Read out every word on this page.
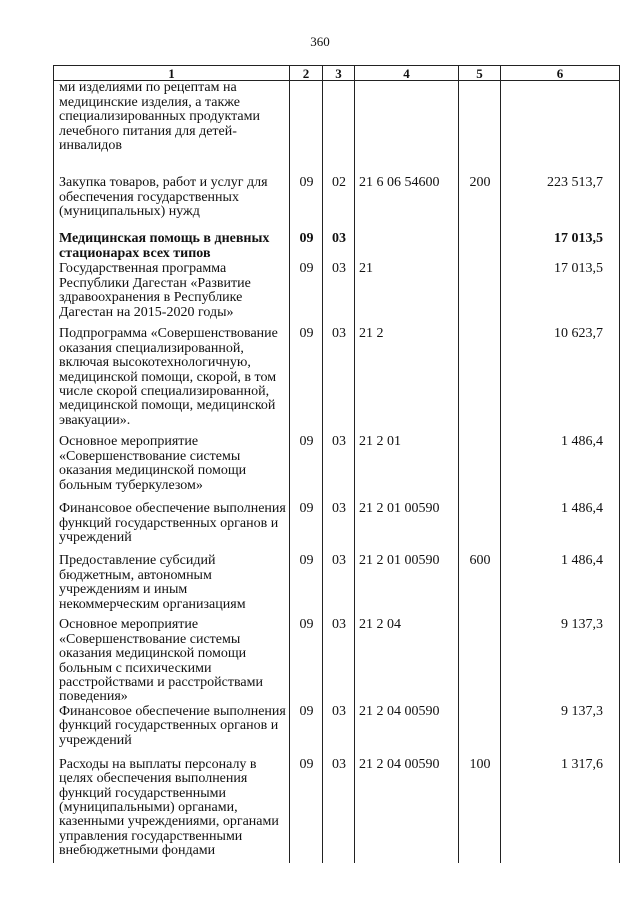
360
1	2	3	4	5	6
ми изделиями по рецептам на медицинские изделия, а также специализированных продуктами лечебного питания для детей-инвалидов					
Закупка товаров, работ и услуг для обеспечения государственных (муниципальных) нужд	09	02	21 6 06 54600	200	223 513,7
Медицинская помощь в дневных стационарах всех типов	09	03			17 013,5
Государственная программа Республики Дагестан «Развитие здравоохранения в Республике Дагестан на 2015-2020 годы»	09	03	21		17 013,5
Подпрограмма «Совершенствование оказания специализированной, включая высокотехнологичную, медицинской помощи, скорой, в том числе скорой специализированной, медицинской помощи, медицинской эвакуации».	09	03	21 2		10 623,7
Основное мероприятие «Совершенствование системы оказания медицинской помощи больным туберкулезом»	09	03	21 2 01		1 486,4
Финансовое обеспечение выполнения функций государственных органов и учреждений	09	03	21 2 01 00590		1 486,4
Предоставление субсидий бюджетным, автономным учреждениям и иным некоммерческим организациям	09	03	21 2 01 00590	600	1 486,4
Основное мероприятие «Совершенствование системы оказания медицинской помощи больным с психическими расстройствами и расстройствами поведения»	09	03	21 2 04		9 137,3
Финансовое обеспечение выполнения функций государственных органов и учреждений	09	03	21 2 04 00590		9 137,3
Расходы на выплаты персоналу в целях обеспечения выполнения функций государственными (муниципальными) органами, казенными учреждениями, органами управления государственными внебюджетными фондами	09	03	21 2 04 00590	100	1 317,6
